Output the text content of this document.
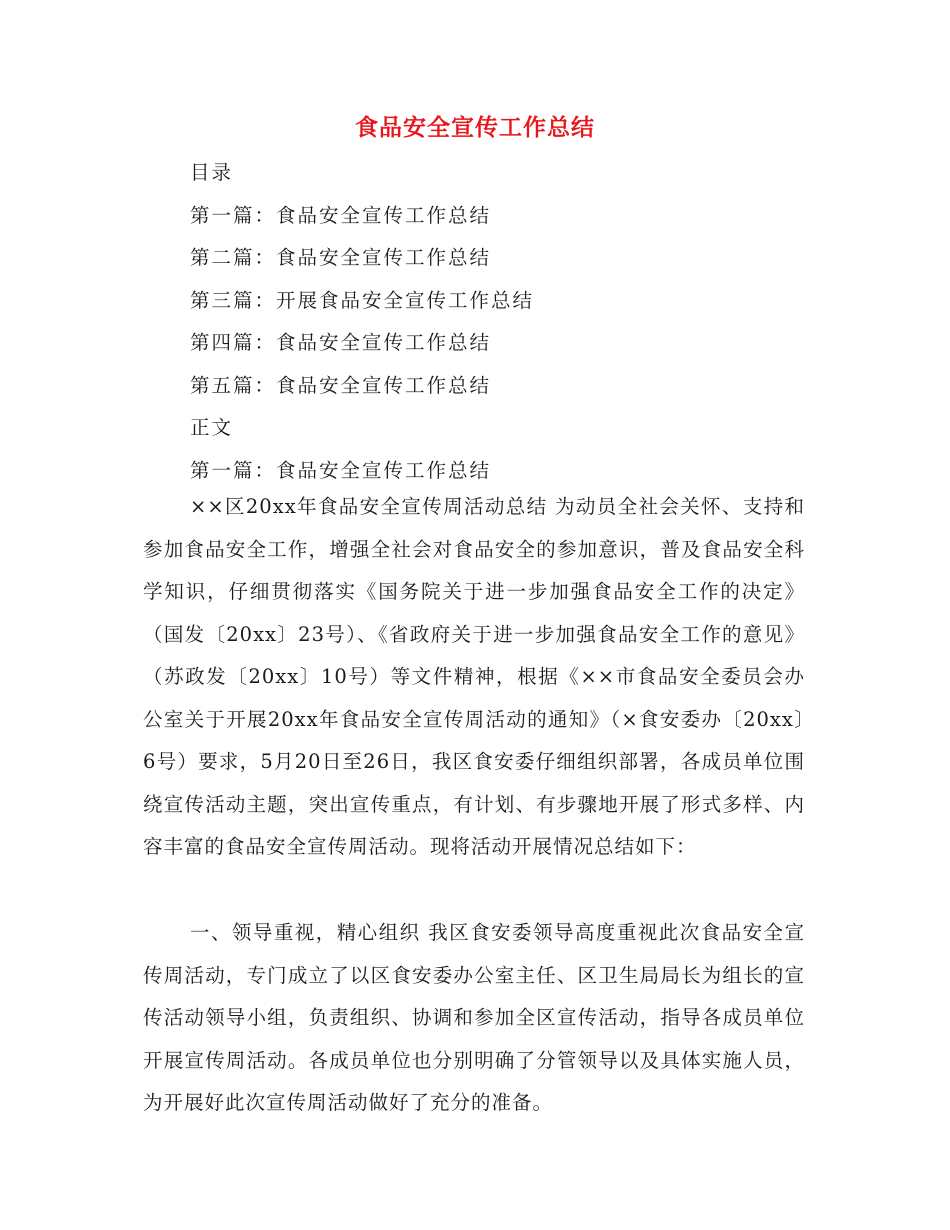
食品安全宣传工作总结
目录
第一篇：食品安全宣传工作总结
第二篇：食品安全宣传工作总结
第三篇：开展食品安全宣传工作总结
第四篇：食品安全宣传工作总结
第五篇：食品安全宣传工作总结
正文
第一篇：食品安全宣传工作总结

××区20xx年食品安全宣传周活动总结 为动员全社会关怀、支持和参加食品安全工作，增强全社会对食品安全的参加意识，普及食品安全科学知识，仔细贯彻落实《国务院关于进一步加强食品安全工作的决定》（国发〔20xx〕23号）、《省政府关于进一步加强食品安全工作的意见》（苏政发〔20xx〕10号）等文件精神，根据《××市食品安全委员会办公室关于开展20xx年食品安全宣传周活动的通知》（×食安委办〔20xx〕6号）要求，5月20日至26日，我区食安委仔细组织部署，各成员单位围绕宣传活动主题，突出宣传重点，有计划、有步骤地开展了形式多样、内容丰富的食品安全宣传周活动。现将活动开展情况总结如下：

一、领导重视，精心组织 我区食安委领导高度重视此次食品安全宣传周活动，专门成立了以区食安委办公室主任、区卫生局局长为组长的宣传活动领导小组，负责组织、协调和参加全区宣传活动，指导各成员单位开展宣传周活动。各成员单位也分别明确了分管领导以及具体实施人员，为开展好此次宣传周活动做好了充分的准备。
